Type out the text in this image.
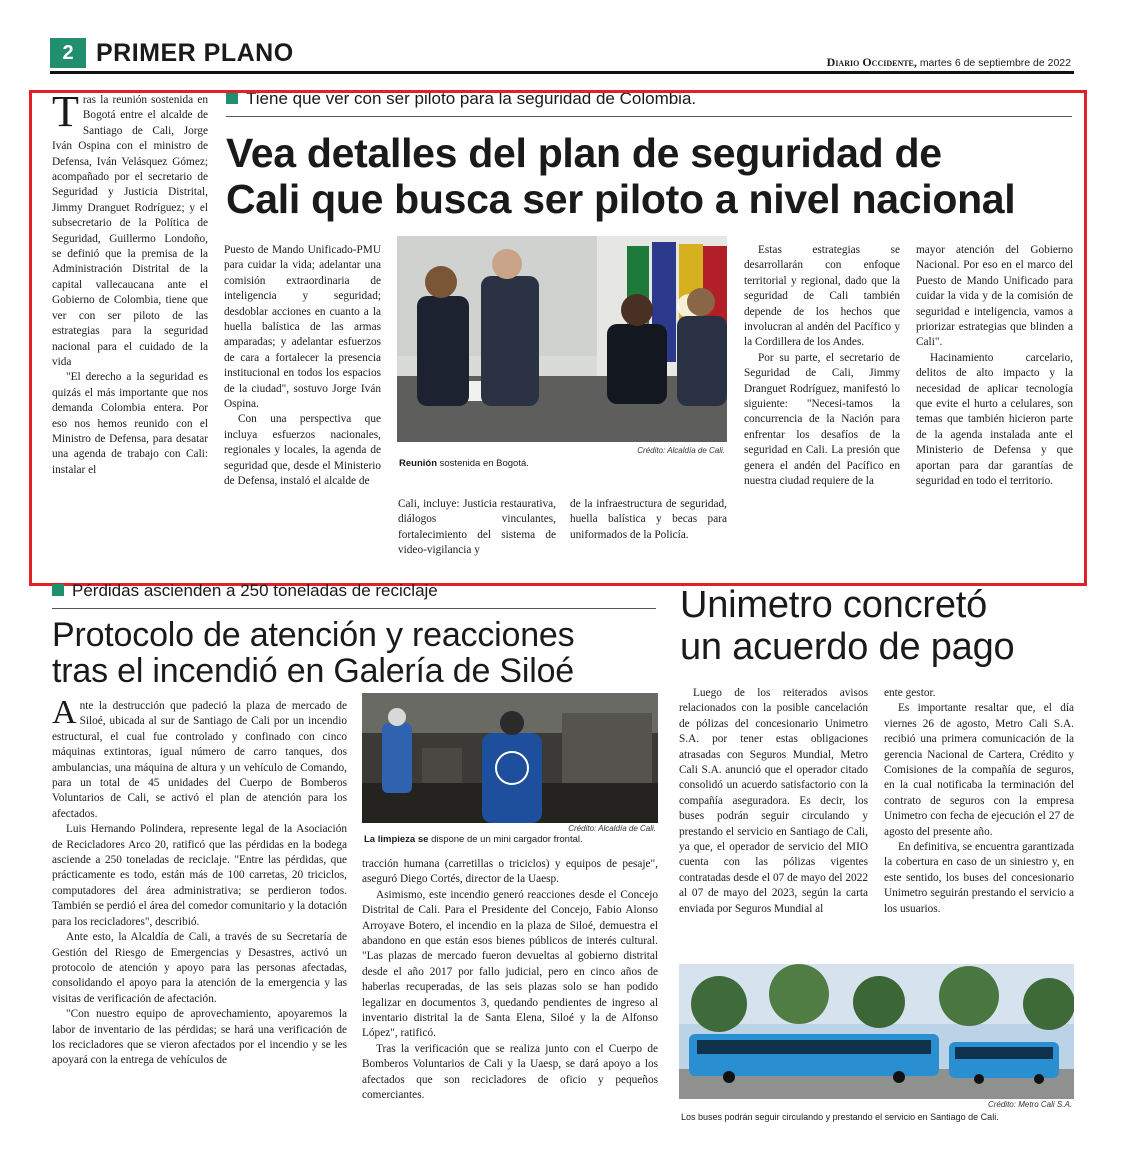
2 PRIMER PLANO	Diario Occidente, martes 6 de septiembre de 2022

Tras la reunión sostenida en Bogotá entre el alcalde de Santiago de Cali, Jorge Iván Ospina con el ministro de Defensa, Iván Velásquez Gómez; acompañado por el secretario de Seguridad y Justicia Distrital, Jimmy Dranguet Rodríguez; y el subsecretario de la Política de Seguridad, Guillermo Londoño, se definió que la premisa de la Administración Distrital de la capital vallecaucana ante el Gobierno de Colombia, tiene que ver con ser piloto de las estrategias para la seguridad nacional para el cuidado de la vida

"El derecho a la seguridad es quizás el más importante que nos demanda Colombia entera. Por eso nos hemos reunido con el Ministro de Defensa, para desatar una agenda de trabajo con Cali: instalar el

Tiene que ver con ser piloto para la seguridad de Colombia.
Vea detalles del plan de seguridad de
Cali que busca ser piloto a nivel nacional

Puesto de Mando Unificado-PMU para cuidar la vida; adelantar una comisión extraordinaria de inteligencia y seguridad; desdoblar acciones en cuanto a la huella balística de las armas amparadas; y adelantar esfuerzos de cara a fortalecer la presencia institucional en todos los espacios de la ciudad", sostuvo Jorge Iván Ospina.

Con una perspectiva que incluya esfuerzos nacionales, regionales y locales, la agenda de seguridad que, desde el Ministerio de Defensa, instaló el alcalde de

Crédito: Alcaldía de Cali.
Reunión sostenida en Bogotá.

Cali, incluye: Justicia restaurativa, diálogos vinculantes, fortalecimiento del sistema de video-vigilancia y

de la infraestructura de seguridad, huella balística y becas para uniformados de la Policía.

Estas estrategias se desarrollarán con enfoque territorial y regional, dado que la seguridad de Cali también depende de los hechos que involucran al andén del Pacífico y la Cordillera de los Andes.

Por su parte, el secretario de Seguridad de Cali, Jimmy Dranguet Rodríguez, manifestó lo siguiente: "Necesi-tamos la concurrencia de la Nación para enfrentar los desafíos de la seguridad en Cali. La presión que genera el andén del Pacífico en nuestra ciudad requiere de la

mayor atención del Gobierno Nacional. Por eso en el marco del Puesto de Mando Unificado para cuidar la vida y de la comisión de seguridad e inteligencia, vamos a priorizar estrategias que blinden a Cali".

Hacinamiento carcelario, delitos de alto impacto y la necesidad de aplicar tecnología que evite el hurto a celulares, son temas que también hicieron parte de la agenda instalada ante el Ministerio de Defensa y que aportan para dar garantías de seguridad en todo el territorio.

Pérdidas ascienden a 250 toneladas de reciclaje
Protocolo de atención y reacciones
tras el incendió en Galería de Siloé

Ante la destrucción que padeció la plaza de mercado de Siloé, ubicada al sur de Santiago de Cali por un incendio estructural, el cual fue controlado y confinado con cinco máquinas extintoras, igual número de carro tanques, dos ambulancias, una máquina de altura y un vehículo de Comando, para un total de 45 unidades del Cuerpo de Bomberos Voluntarios de Cali, se activó el plan de atención para los afectados.

Luis Hernando Polindera, represente legal de la Asociación de Recicladores Arco 20, ratificó que las pérdidas en la bodega asciende a 250 toneladas de reciclaje. "Entre las pérdidas, que prácticamente es todo, están más de 100 carretas, 20 triciclos, computadores del área administrativa; se perdieron todos. También se perdió el área del comedor comunitario y la dotación para los recicladores", describió.

Ante esto, la Alcaldía de Cali, a través de su Secretaría de Gestión del Riesgo de Emergencias y Desastres, activó un protocolo de atención y apoyo para las personas afectadas, consolidando el apoyo para la atención de la emergencia y las visitas de verificación de afectación.

"Con nuestro equipo de aprovechamiento, apoyaremos la labor de inventario de las pérdidas; se hará una verificación de los recicladores que se vieron afectados por el incendio y se les apoyará con la entrega de vehículos de

Crédito: Alcaldía de Cali.
La limpieza se dispone de un mini cargador frontal.

tracción humana (carretillas o triciclos) y equipos de pesaje", aseguró Diego Cortés, director de la Uaesp.

Asimismo, este incendio generó reacciones desde el Concejo Distrital de Cali. Para el Presidente del Concejo, Fabio Alonso Arroyave Botero, el incendio en la plaza de Siloé, demuestra el abandono en que están esos bienes públicos de interés cultural. "Las plazas de mercado fueron devueltas al gobierno distrital desde el año 2017 por fallo judicial, pero en cinco años de haberlas recuperadas, de las seis plazas solo se han podido legalizar en documentos 3, quedando pendientes de ingreso al inventario distrital la de Santa Elena, Siloé y la de Alfonso López", ratificó.

Tras la verificación que se realiza junto con el Cuerpo de Bomberos Voluntarios de Cali y la Uaesp, se dará apoyo a los afectados que son recicladores de oficio y pequeños comerciantes.

Unimetro concretó
un acuerdo de pago

Luego de los reiterados avisos relacionados con la posible cancelación de pólizas del concesionario Unimetro S.A. por tener estas obligaciones atrasadas con Seguros Mundial, Metro Cali S.A. anunció que el operador citado consolidó un acuerdo satisfactorio con la compañía aseguradora. Es decir, los buses podrán seguir circulando y prestando el servicio en Santiago de Cali, ya que, el operador de servicio del MIO cuenta con las pólizas vigentes contratadas desde el 07 de mayo del 2022 al 07 de mayo del 2023, según la carta enviada por Seguros Mundial al

ente gestor.

Es importante resaltar que, el día viernes 26 de agosto, Metro Cali S.A. recibió una primera comunicación de la gerencia Nacional de Cartera, Crédito y Comisiones de la compañía de seguros, en la cual notificaba la terminación del contrato de seguros con la empresa Unimetro con fecha de ejecución el 27 de agosto del presente año.

En definitiva, se encuentra garantizada la cobertura en caso de un siniestro y, en este sentido, los buses del concesionario Unimetro seguirán prestando el servicio a los usuarios.

Crédito: Metro Cali S.A.
Los buses podrán seguir circulando y prestando el servicio en Santiago de Cali.
